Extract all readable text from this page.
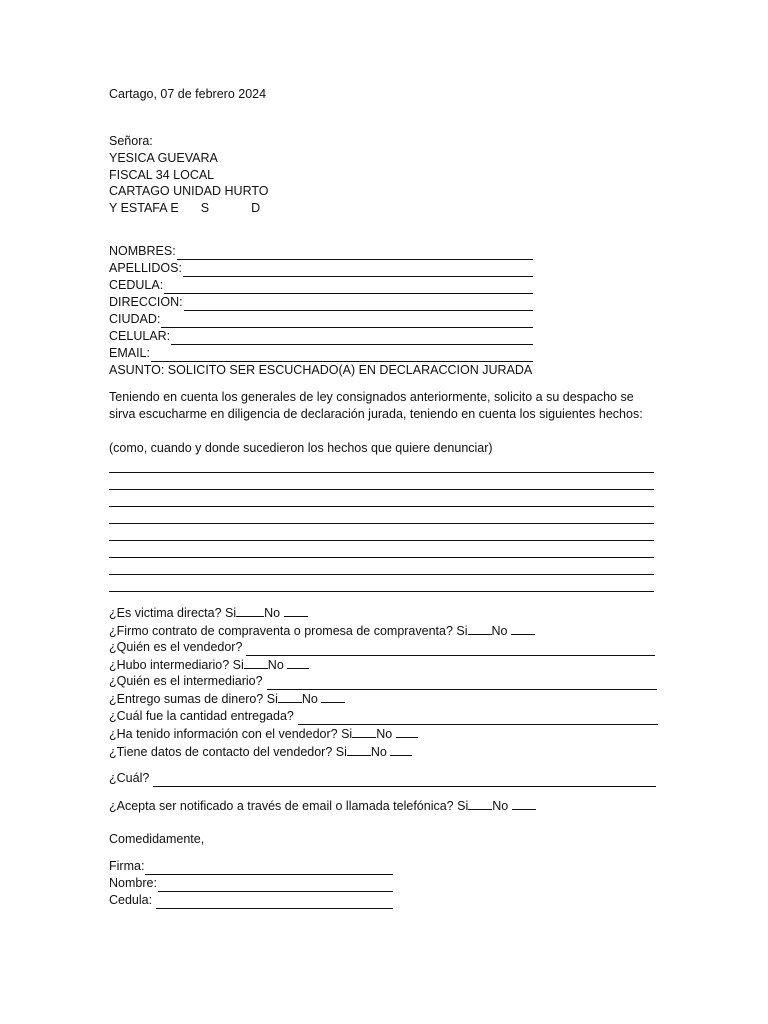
Cartago, 07 de febrero 2024
Señora:
YESICA GUEVARA
FISCAL 34 LOCAL
CARTAGO UNIDAD HURTO
Y ESTAFA E S	D
NOMBRES:
APELLIDOS:
CEDULA:
DIRECCION:
CIUDAD:
CELULAR:
EMAIL:
ASUNTO: SOLICITO SER ESCUCHADO(A) EN DECLARACCION JURADA
Teniendo en cuenta los generales de ley consignados anteriormente, solicito a su despacho se sirva escucharme en diligencia de declaración jurada, teniendo en cuenta los siguientes hechos:
(como, cuando y donde sucedieron los hechos que quiere denunciar)
¿Es victima directa? Si No
¿Firmo contrato de compraventa o promesa de compraventa? Si No
¿Quién es el vendedor?
¿Hubo intermediario? Si No
¿Quién es el intermediario?
¿Entrego sumas de dinero? Si No
¿Cuál fue la cantidad entregada?
¿Ha tenido información con el vendedor? Si No
¿Tiene datos de contacto del vendedor? Si No
¿Cuál?
¿Acepta ser notificado a través de email o llamada telefónica? Si No
Comedidamente,
Firma:
Nombre:
Cedula:
